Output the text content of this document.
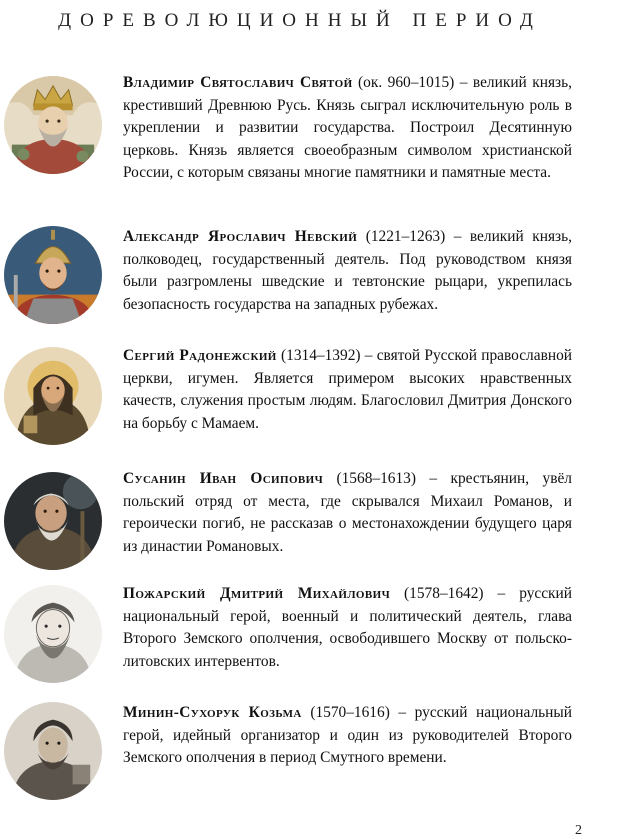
ДОРЕВОЛЮЦИОННЫЙ ПЕРИОД
Владимир Святославич Святой (ок. 960–1015) – великий князь, крестивший Древнюю Русь. Князь сыграл исключительную роль в укреплении и развитии государства. Построил Десятинную церковь. Князь является своеобразным символом христианской России, с которым связаны многие памятники и памятные места.
Александр Ярославич Невский (1221–1263) – великий князь, полководец, государственный деятель. Под руководством князя были разгромлены шведские и тевтонские рыцари, укрепилась безопасность государства на западных рубежах.
Сергий Радонежский (1314–1392) – святой Русской православной церкви, игумен. Является примером высоких нравственных качеств, служения простым людям. Благословил Дмитрия Донского на борьбу с Мамаем.
Сусанин Иван Осипович (1568–1613) – крестьянин, увёл польский отряд от места, где скрывался Михаил Романов, и героически погиб, не рассказав о местонахождении будущего царя из династии Романовых.
Пожарский Дмитрий Михайлович (1578–1642) – русский национальный герой, военный и политический деятель, глава Второго Земского ополчения, освободившего Москву от польско-литовских интервентов.
Минин-Сухорук Козьма (1570–1616) – русский национальный герой, идейный организатор и один из руководителей Второго Земского ополчения в период Смутного времени.
2
